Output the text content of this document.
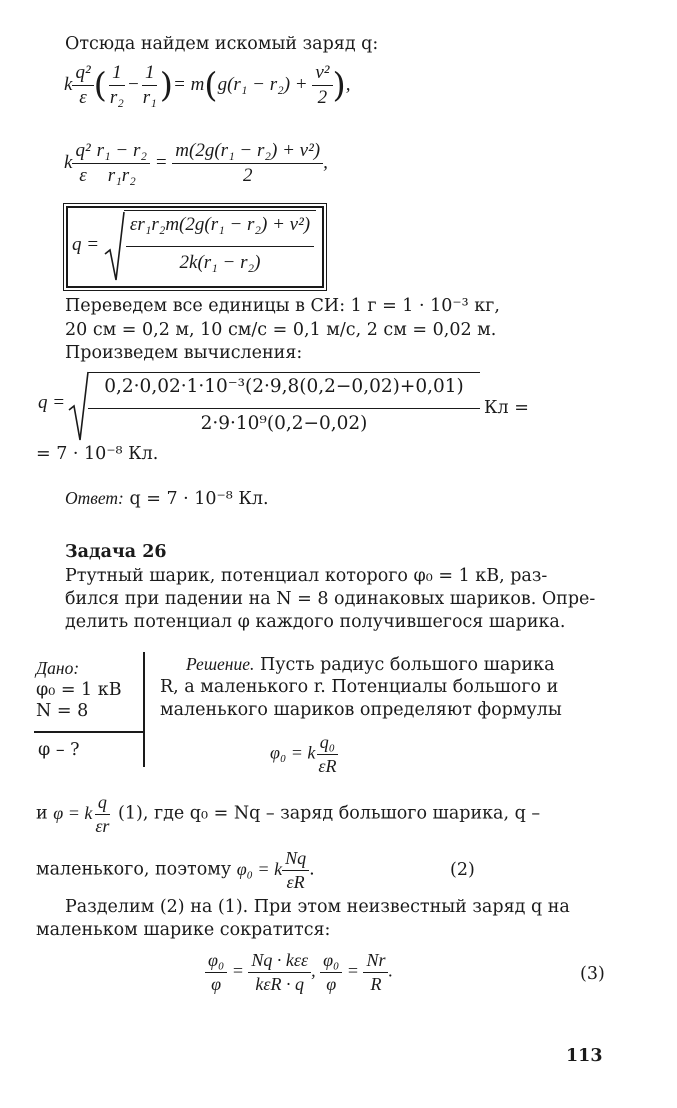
Отсюда найдем искомый заряд q:
k $\frac{\text{q²}}{\varepsilon}$ ( $\frac{1}{\text{r₂}} - \frac{1}{\text{r₁}}$ )= $m(g(r_1 - r_2) + \frac{\text{v²}}{2}$ ),
k $\frac{\text{q²}}{\varepsilon} \frac{\text{r₁ − r₂}}{\text{r₁r₂}} = \frac{\text{m(2g(r₁ − r₂) + v²)}}{2}$ ,
q =
εr₁r₂m(2g(r₁ − r₂) + v²)
2k(r₁ − r₂)
Переведем все единицы в СИ: 1 г = 1 · 10⁻³ кг,
20 см = 0,2 м, 10 см/с = 0,1 м/с, 2 см = 0,02 м.
Произведем вычисления:
q =
0,2·0,02·1·10⁻³(2·9,8(0,2−0,02)+0,01)
2·9·10⁹(0,2−0,02)
Кл =
= 7 · 10⁻⁸ Кл.
Ответ: q = 7 · 10⁻⁸ Кл.
Задача 26
Ртутный шарик, потенциал которого φ₀ = 1 кВ, раз-
бился при падении на N = 8 одинаковых шариков. Опре-
делить потенциал φ каждого получившегося шарика.
Дано:
φ₀ = 1 кВ
N = 8
φ – ?
Решение. Пусть радиус большого шарика
R, а маленького r. Потенциалы большого и
маленького шариков определяют формулы
φ₀ = k $\frac{\text{q₀}}{\varepsilon R}$
и φ = k $\frac{q}{\varepsilon r} (1)$, где q₀ = Nq – заряд большого шарика, q –
маленького, поэтому φ₀ = k $\frac{Nq}{\varepsilon R}$ .	(2)
Разделим (2) на (1). При этом неизвестный заряд q на
маленьком шарике сократится:
$\frac{\text{φ₀}}{\varphi} = \frac{\text{Nq · kεε}}{\text{kεR · q}}$ , $\frac{\text{φ₀}}{\varphi} = \frac{Nr}{R}$ .	(3)
113
